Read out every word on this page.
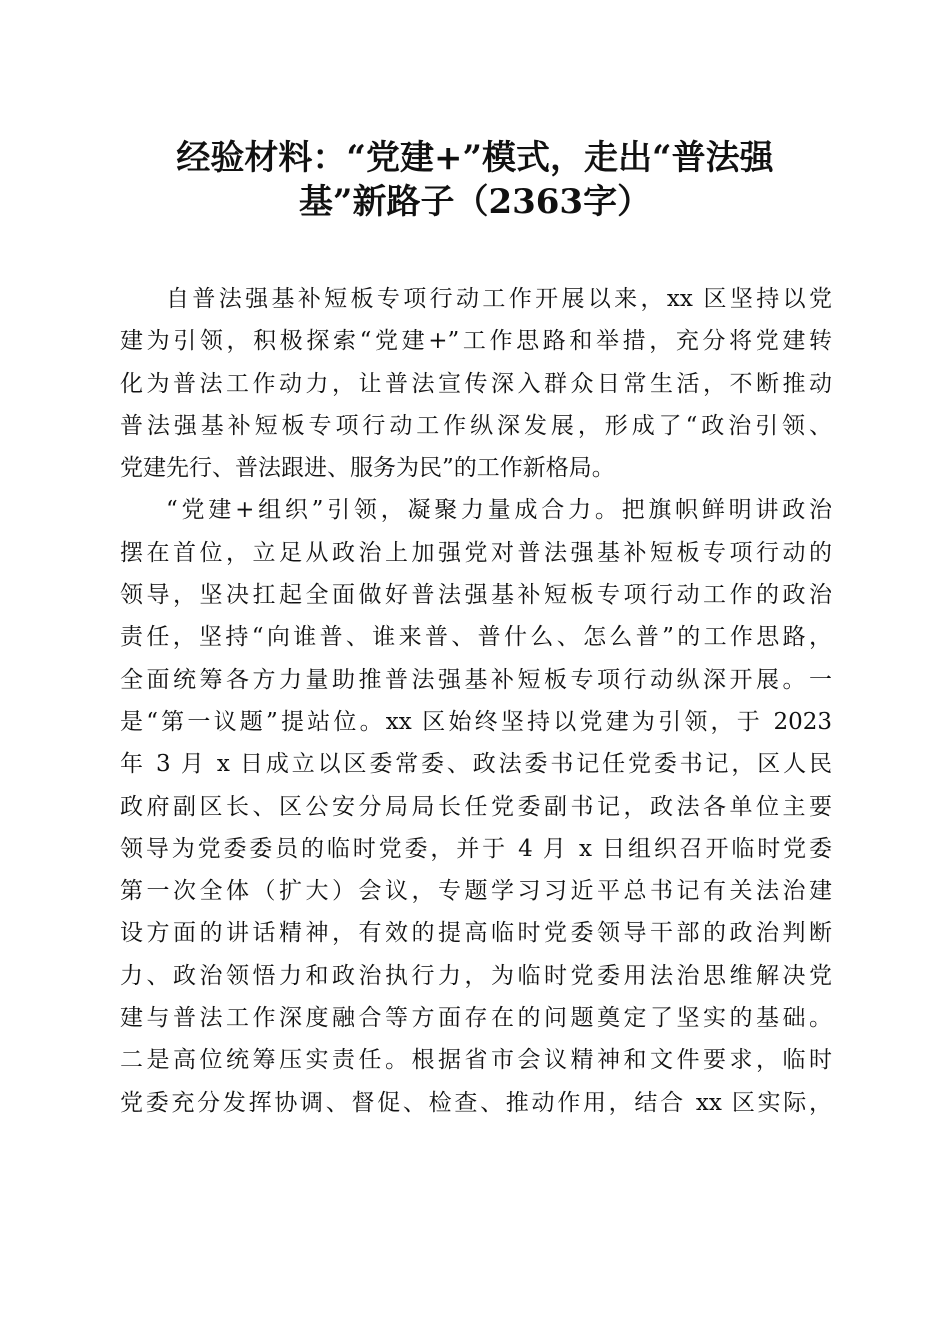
经验材料：“党建+”模式，走出“普法强
基”新路子（2363字）

自普法强基补短板专项行动工作开展以来，xx 区坚持以党
建为引领，积极探索“党建+”工作思路和举措，充分将党建转
化为普法工作动力，让普法宣传深入群众日常生活，不断推动
普法强基补短板专项行动工作纵深发展，形成了“政治引领、
党建先行、普法跟进、服务为民”的工作新格局。

“党建+组织”引领，凝聚力量成合力。把旗帜鲜明讲政治
摆在首位，立足从政治上加强党对普法强基补短板专项行动的
领导，坚决扛起全面做好普法强基补短板专项行动工作的政治
责任，坚持“向谁普、谁来普、普什么、怎么普”的工作思路，
全面统筹各方力量助推普法强基补短板专项行动纵深开展。一
是“第一议题”提站位。xx 区始终坚持以党建为引领，于 2023
年 3 月 x 日成立以区委常委、政法委书记任党委书记，区人民
政府副区长、区公安分局局长任党委副书记，政法各单位主要
领导为党委委员的临时党委，并于 4 月 x 日组织召开临时党委
第一次全体（扩大）会议，专题学习习近平总书记有关法治建
设方面的讲话精神，有效的提高临时党委领导干部的政治判断
力、政治领悟力和政治执行力，为临时党委用法治思维解决党
建与普法工作深度融合等方面存在的问题奠定了坚实的基础。
二是高位统筹压实责任。根据省市会议精神和文件要求，临时
党委充分发挥协调、督促、检查、推动作用，结合 xx 区实际，
